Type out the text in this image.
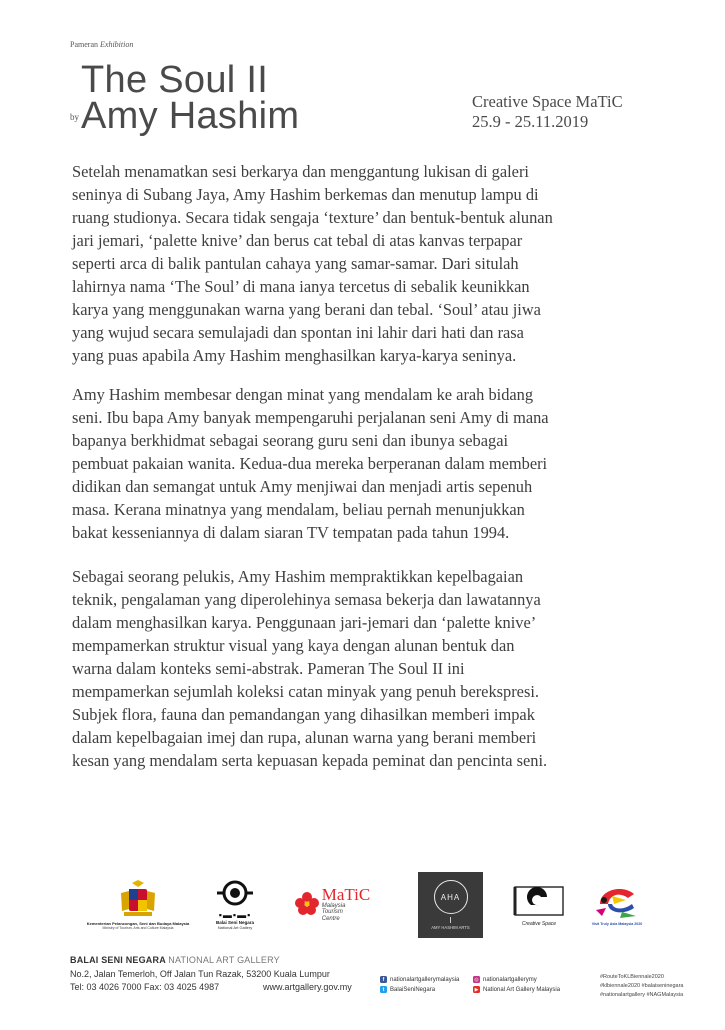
Pameran Exhibition
The Soul II
by Amy Hashim	Creative Space MaTiC
25.9 - 25.11.2019
Setelah menamatkan sesi berkarya dan menggantung lukisan di galeri
seninya di Subang Jaya, Amy Hashim berkemas dan menutup lampu di
ruang studionya. Secara tidak sengaja ‘texture’ dan bentuk-bentuk alunan
jari jemari, ‘palette knive’ dan berus cat tebal di atas kanvas terpapar
seperti arca di balik pantulan cahaya yang samar-samar. Dari situlah
lahirnya nama ‘The Soul’ di mana ianya tercetus di sebalik keunikkan
karya yang menggunakan warna yang berani dan tebal. ‘Soul’ atau jiwa
yang wujud secara semulajadi dan spontan ini lahir dari hati dan rasa
yang puas apabila Amy Hashim menghasilkan karya-karya seninya.
Amy Hashim membesar dengan minat yang mendalam ke arah bidang
seni. Ibu bapa Amy banyak mempengaruhi perjalanan seni Amy di mana
bapanya berkhidmat sebagai seorang guru seni dan ibunya sebagai
pembuat pakaian wanita. Kedua-dua mereka berperanan dalam memberi
didikan dan semangat untuk Amy menjiwai dan menjadi artis sepenuh
masa. Kerana minatnya yang mendalam, beliau pernah menunjukkan
bakat kesseniannya di dalam siaran TV tempatan pada tahun 1994.
Sebagai seorang pelukis, Amy Hashim mempraktikkan kepelbagaian
teknik, pengalaman yang diperolehinya semasa bekerja dan lawatannya
dalam menghasilkan karya. Penggunaan jari-jemari dan ‘palette knive’
mempamerkan struktur visual yang kaya dengan alunan bentuk dan
warna dalam konteks semi-abstrak. Pameran The Soul II ini
mempamerkan sejumlah koleksi catan minyak yang penuh berekspresi.
Subjek flora, fauna dan pemandangan yang dihasilkan memberi impak
dalam kepelbagaian imej dan rupa, alunan warna yang berani memberi
kesan yang mendalam serta kepuasan kepada peminat dan pencinta seni.
Kementerian Pelancongan, Seni dan Budaya Malaysia
Ministry of Tourism, Arts and Culture Malaysia
▪▬▪▬▪
Balai Seni Negara
National Art Gallery
MaTiC
Malaysia
Tourism
Centre
AHA
AMY HASHIM ARTS
Creative Space	Visit Truly Asia Malaysia 2020
BALAI SENI NEGARA NATIONAL ART GALLERY
No.2, Jalan Temerloh, Off Jalan Tun Razak, 53200 Kuala Lumpur
Tel: 03 4026 7000 Fax: 03 4025 4987	www.artgallery.gov.my
f nationalartgallerymalaysia
t BalaiSeniNegara
◎ nationalartgallerymy
▶ National Art Gallery Malaysia
#RouteToKLBiennale2020
#klbiennale2020 #balaiseninegara
#nationalartgallery #NAGMalaysia
